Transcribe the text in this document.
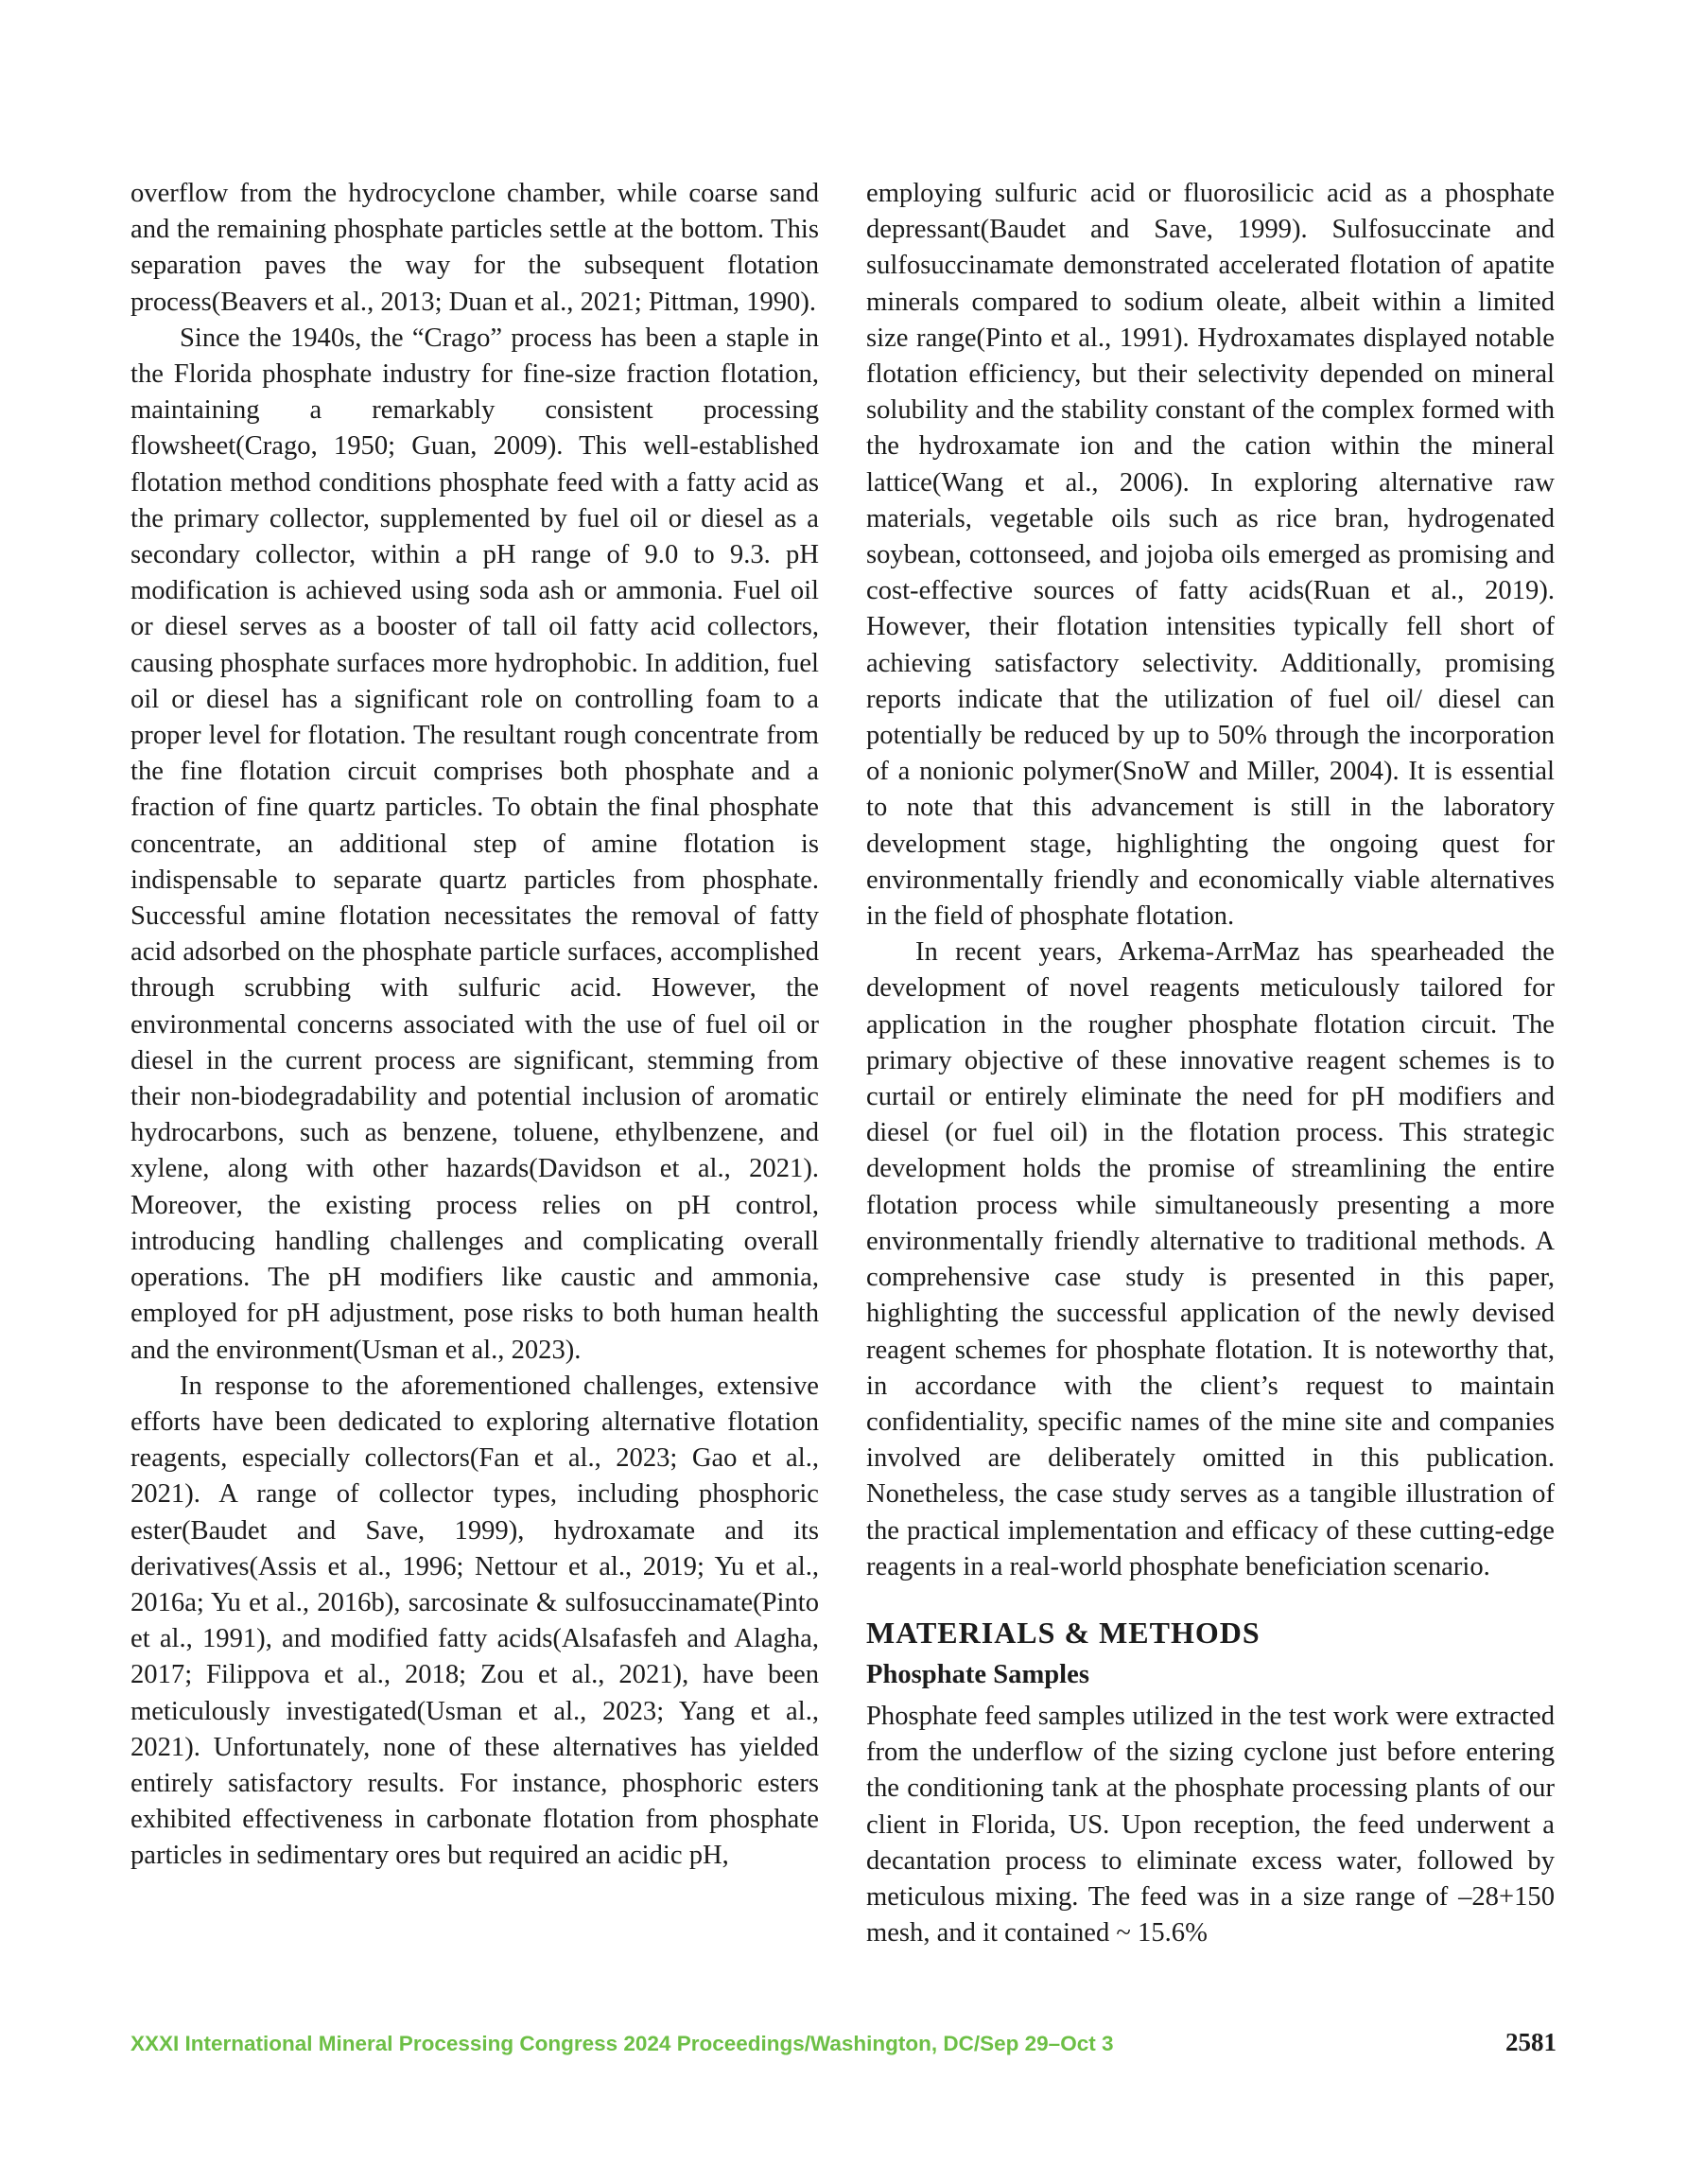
overflow from the hydrocyclone chamber, while coarse sand and the remaining phosphate particles settle at the bottom. This separation paves the way for the subsequent flotation process(Beavers et al., 2013; Duan et al., 2021; Pittman, 1990).

Since the 1940s, the “Crago” process has been a staple in the Florida phosphate industry for fine-size fraction flotation, maintaining a remarkably consistent processing flowsheet(Crago, 1950; Guan, 2009). This well-established flotation method conditions phosphate feed with a fatty acid as the primary collector, supplemented by fuel oil or diesel as a secondary collector, within a pH range of 9.0 to 9.3. pH modification is achieved using soda ash or ammonia. Fuel oil or diesel serves as a booster of tall oil fatty acid collectors, causing phosphate surfaces more hydrophobic. In addition, fuel oil or diesel has a significant role on controlling foam to a proper level for flotation. The resultant rough concentrate from the fine flotation circuit comprises both phosphate and a fraction of fine quartz particles. To obtain the final phosphate concentrate, an additional step of amine flotation is indispensable to separate quartz particles from phosphate. Successful amine flotation necessitates the removal of fatty acid adsorbed on the phosphate particle surfaces, accomplished through scrubbing with sulfuric acid. However, the environmental concerns associated with the use of fuel oil or diesel in the current process are significant, stemming from their non-biodegradability and potential inclusion of aromatic hydrocarbons, such as benzene, toluene, ethylbenzene, and xylene, along with other hazards(Davidson et al., 2021). Moreover, the existing process relies on pH control, introducing handling challenges and complicating overall operations. The pH modifiers like caustic and ammonia, employed for pH adjustment, pose risks to both human health and the environment(Usman et al., 2023).

In response to the aforementioned challenges, extensive efforts have been dedicated to exploring alternative flotation reagents, especially collectors(Fan et al., 2023; Gao et al., 2021). A range of collector types, including phosphoric ester(Baudet and Save, 1999), hydroxamate and its derivatives(Assis et al., 1996; Nettour et al., 2019; Yu et al., 2016a; Yu et al., 2016b), sarcosinate & sulfosuccinamate(Pinto et al., 1991), and modified fatty acids(Alsafasfeh and Alagha, 2017; Filippova et al., 2018; Zou et al., 2021), have been meticulously investigated(Usman et al., 2023; Yang et al., 2021). Unfortunately, none of these alternatives has yielded entirely satisfactory results. For instance, phosphoric esters exhibited effectiveness in carbonate flotation from phosphate particles in sedimentary ores but required an acidic pH,

employing sulfuric acid or fluorosilicic acid as a phosphate depressant(Baudet and Save, 1999). Sulfosuccinate and sulfosuccinamate demonstrated accelerated flotation of apatite minerals compared to sodium oleate, albeit within a limited size range(Pinto et al., 1991). Hydroxamates displayed notable flotation efficiency, but their selectivity depended on mineral solubility and the stability constant of the complex formed with the hydroxamate ion and the cation within the mineral lattice(Wang et al., 2006). In exploring alternative raw materials, vegetable oils such as rice bran, hydrogenated soybean, cottonseed, and jojoba oils emerged as promising and cost-effective sources of fatty acids(Ruan et al., 2019). However, their flotation intensities typically fell short of achieving satisfactory selectivity. Additionally, promising reports indicate that the utilization of fuel oil/ diesel can potentially be reduced by up to 50% through the incorporation of a nonionic polymer(SnoW and Miller, 2004). It is essential to note that this advancement is still in the laboratory development stage, highlighting the ongoing quest for environmentally friendly and economically viable alternatives in the field of phosphate flotation.

In recent years, Arkema-ArrMaz has spearheaded the development of novel reagents meticulously tailored for application in the rougher phosphate flotation circuit. The primary objective of these innovative reagent schemes is to curtail or entirely eliminate the need for pH modifiers and diesel (or fuel oil) in the flotation process. This strategic development holds the promise of streamlining the entire flotation process while simultaneously presenting a more environmentally friendly alternative to traditional methods. A comprehensive case study is presented in this paper, highlighting the successful application of the newly devised reagent schemes for phosphate flotation. It is noteworthy that, in accordance with the client’s request to maintain confidentiality, specific names of the mine site and companies involved are deliberately omitted in this publication. Nonetheless, the case study serves as a tangible illustration of the practical implementation and efficacy of these cutting-edge reagents in a real-world phosphate beneficiation scenario.

MATERIALS & METHODS
Phosphate Samples

Phosphate feed samples utilized in the test work were extracted from the underflow of the sizing cyclone just before entering the conditioning tank at the phosphate processing plants of our client in Florida, US. Upon reception, the feed underwent a decantation process to eliminate excess water, followed by meticulous mixing. The feed was in a size range of –28+150 mesh, and it contained ~ 15.6%

XXXI International Mineral Processing Congress 2024 Proceedings/Washington, DC/Sep 29–Oct 3	2581
